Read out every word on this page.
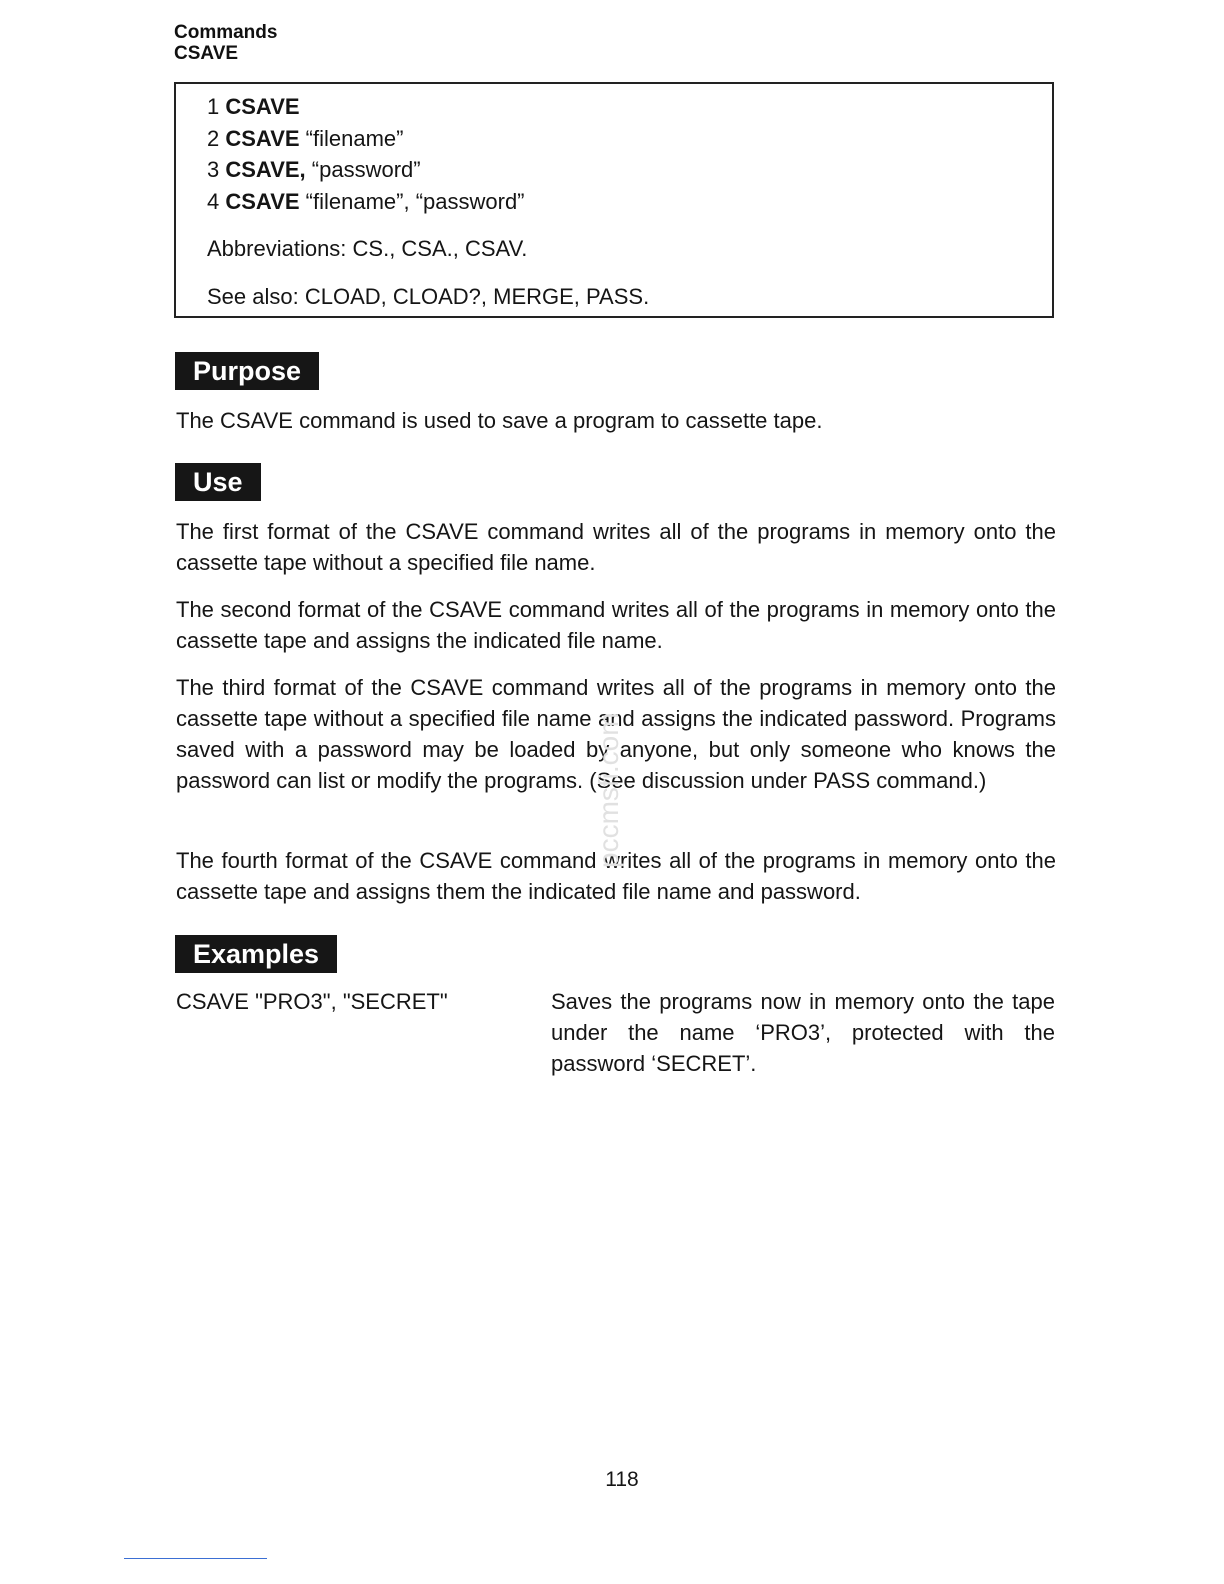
Commands
CSAVE
1 CSAVE
2 CSAVE “filename”
3 CSAVE, “password”
4 CSAVE “filename”, “password”
Abbreviations: CS., CSA., CSAV.
See also: CLOAD, CLOAD?, MERGE, PASS.
Purpose

The CSAVE command is used to save a program to cassette tape.

Use

The first format of the CSAVE command writes all of the programs in memory onto the cassette tape without a specified file name.

The second format of the CSAVE command writes all of the programs in memory onto the cassette tape and assigns the indicated file name.

The third format of the CSAVE command writes all of the programs in memory onto the cassette tape without a specified file name and assigns the indicated password. Programs saved with a password may be loaded by anyone, but only someone who knows the password can list or modify the programs. (See discussion under PASS command.)

The fourth format of the CSAVE command writes all of the programs in memory onto the cassette tape and assigns them the indicated file name and password.

Examples
CSAVE "PRO3", "SECRET"	Saves the programs now in memory onto the tape under the name ‘PRO3’, protected with the password ‘SECRET’.
pccmsfi.com
118
